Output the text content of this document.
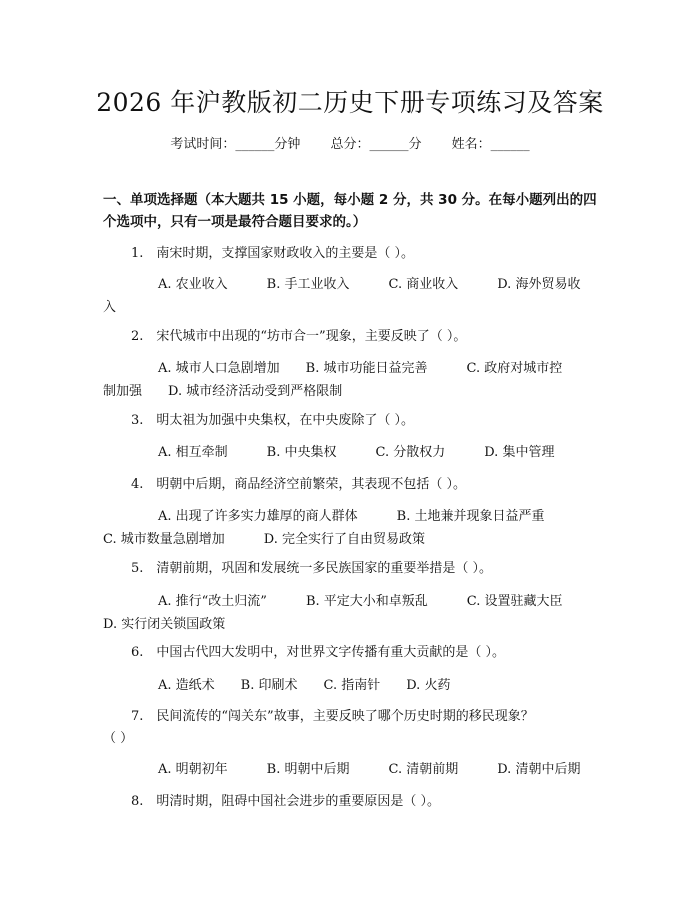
2026 年沪教版初二历史下册专项练习及答案
考试时间：______分钟 总分：______分 姓名：______
一、单项选择题（本大题共 15 小题，每小题 2 分，共 30 分。在每小题列出的四个选项中，只有一项是最符合题目要求的。）
1.　南宋时期，支撑国家财政收入的主要是（ ）。
A. 农业收入　　　B. 手工业收入　　　C. 商业收入　　　D. 海外贸易收
入
2.　宋代城市中出现的“坊市合一”现象，主要反映了（ ）。
A. 城市人口急剧增加　　B. 城市功能日益完善　　　C. 政府对城市控
制加强　　D. 城市经济活动受到严格限制
3.　明太祖为加强中央集权，在中央废除了（ ）。
A. 相互牵制　　　B. 中央集权　　　C. 分散权力　　　D. 集中管理
4.　明朝中后期，商品经济空前繁荣，其表现不包括（ ）。
A. 出现了许多实力雄厚的商人群体　　　B. 土地兼并现象日益严重
C. 城市数量急剧增加　　　D. 完全实行了自由贸易政策
5.　清朝前期，巩固和发展统一多民族国家的重要举措是（ ）。
A. 推行“改土归流”　　　B. 平定大小和卓叛乱　　　C. 设置驻藏大臣
D. 实行闭关锁国政策
6.　中国古代四大发明中，对世界文字传播有重大贡献的是（ ）。
A. 造纸术　　B. 印刷术　　C. 指南针　　D. 火药
7.　民间流传的“闯关东”故事，主要反映了哪个历史时期的移民现象？
（ ）
A. 明朝初年　　　B. 明朝中后期　　　C. 清朝前期　　　D. 清朝中后期
8.　明清时期，阻碍中国社会进步的重要原因是（ ）。
